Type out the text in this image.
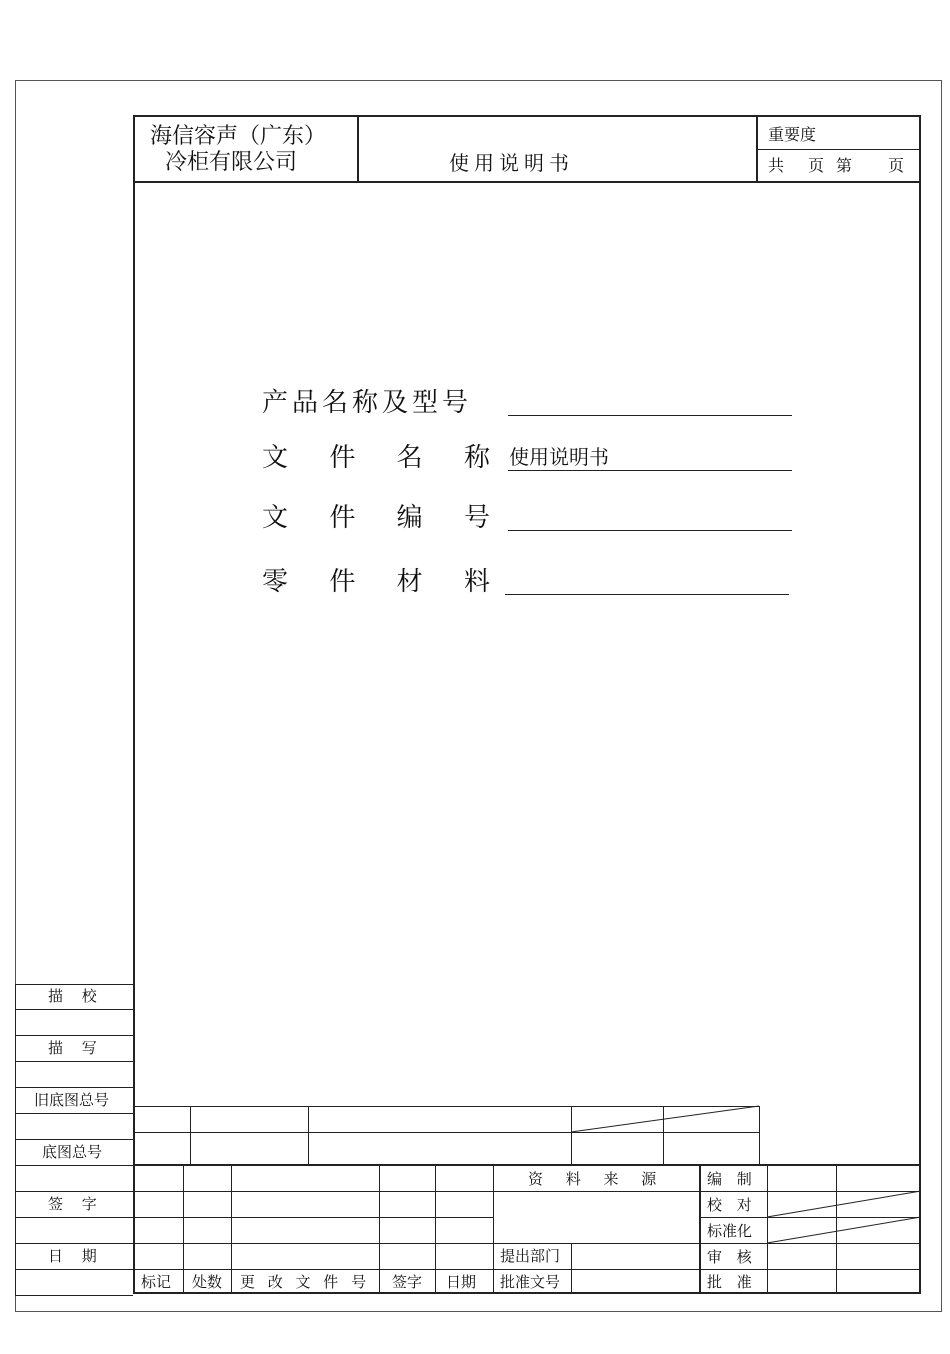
海信容声（广东）
冷柜有限公司	使用说明书
重要度
共 页第 页
产品名称及型号
文 件 名 称 使用说明书
文 件 编 号
零 件 材 料
描 校
描 写
旧底图总号
底图总号
签 字
日 期
资 料 来 源
提出部门
批准文号
标记 处数 更 改 文 件 号 签字 日期
编 制
校 对
标准化
审 核
批 准
